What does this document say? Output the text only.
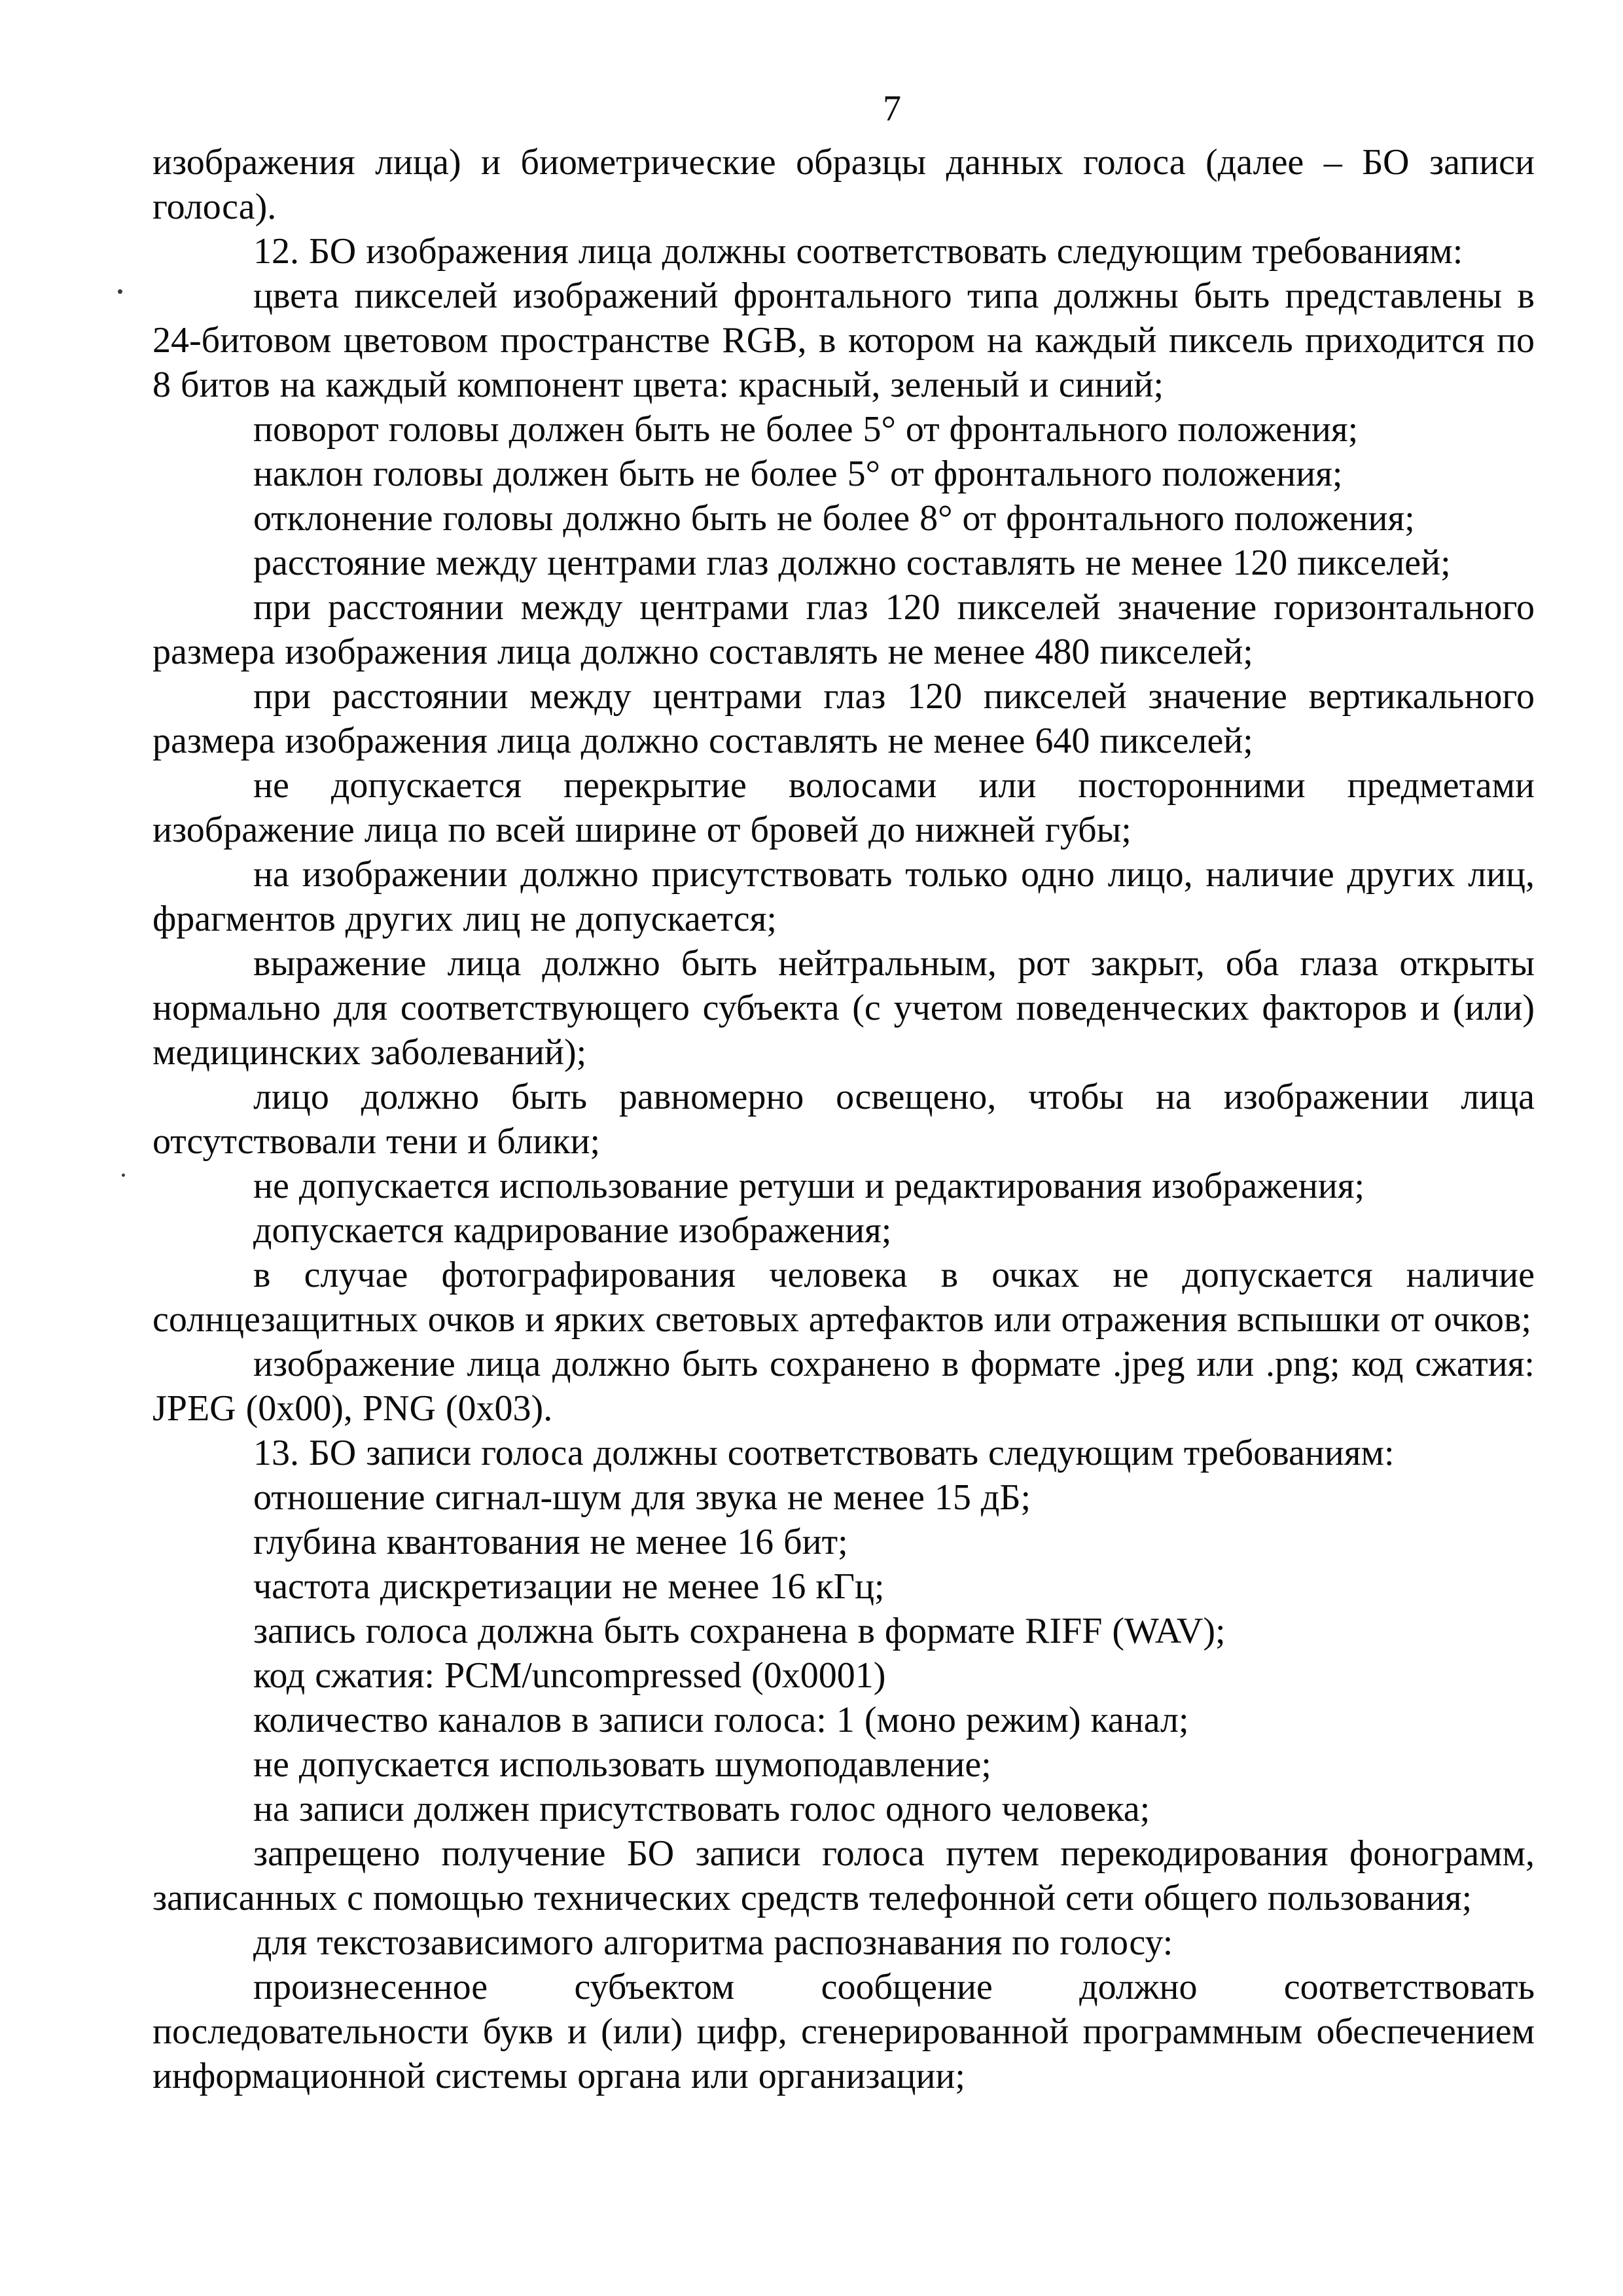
7

изображения лица) и биометрические образцы данных голоса (далее – БО записи голоса).

12. БО изображения лица должны соответствовать следующим требованиям:

цвета пикселей изображений фронтального типа должны быть представлены в 24-битовом цветовом пространстве RGB, в котором на каждый пиксель приходится по 8 битов на каждый компонент цвета: красный, зеленый и синий;

поворот головы должен быть не более 5° от фронтального положения;

наклон головы должен быть не более 5° от фронтального положения;

отклонение головы должно быть не более 8° от фронтального положения;

расстояние между центрами глаз должно составлять не менее 120 пикселей;

при расстоянии между центрами глаз 120 пикселей значение горизонтального размера изображения лица должно составлять не менее 480 пикселей;

при расстоянии между центрами глаз 120 пикселей значение вертикального размера изображения лица должно составлять не менее 640 пикселей;

не допускается перекрытие волосами или посторонними предметами изображение лица по всей ширине от бровей до нижней губы;

на изображении должно присутствовать только одно лицо, наличие других лиц, фрагментов других лиц не допускается;

выражение лица должно быть нейтральным, рот закрыт, оба глаза открыты нормально для соответствующего субъекта (с учетом поведенческих факторов и (или) медицинских заболеваний);

лицо должно быть равномерно освещено, чтобы на изображении лица отсутствовали тени и блики;

не допускается использование ретуши и редактирования изображения;

допускается кадрирование изображения;

в случае фотографирования человека в очках не допускается наличие солнцезащитных очков и ярких световых артефактов или отражения вспышки от очков;

изображение лица должно быть сохранено в формате .jpeg или .png; код сжатия: JPEG (0x00), PNG (0x03).

13. БО записи голоса должны соответствовать следующим требованиям:

отношение сигнал-шум для звука не менее 15 дБ;

глубина квантования не менее 16 бит;

частота дискретизации не менее 16 кГц;

запись голоса должна быть сохранена в формате RIFF (WAV);

код сжатия: PCM/uncompressed (0x0001)

количество каналов в записи голоса: 1 (моно режим) канал;

не допускается использовать шумоподавление;

на записи должен присутствовать голос одного человека;

запрещено получение БО записи голоса путем перекодирования фонограмм, записанных с помощью технических средств телефонной сети общего пользования;

для текстозависимого алгоритма распознавания по голосу:

произнесенное субъектом сообщение должно соответствовать последовательности букв и (или) цифр, сгенерированной программным обеспечением информационной системы органа или организации;
